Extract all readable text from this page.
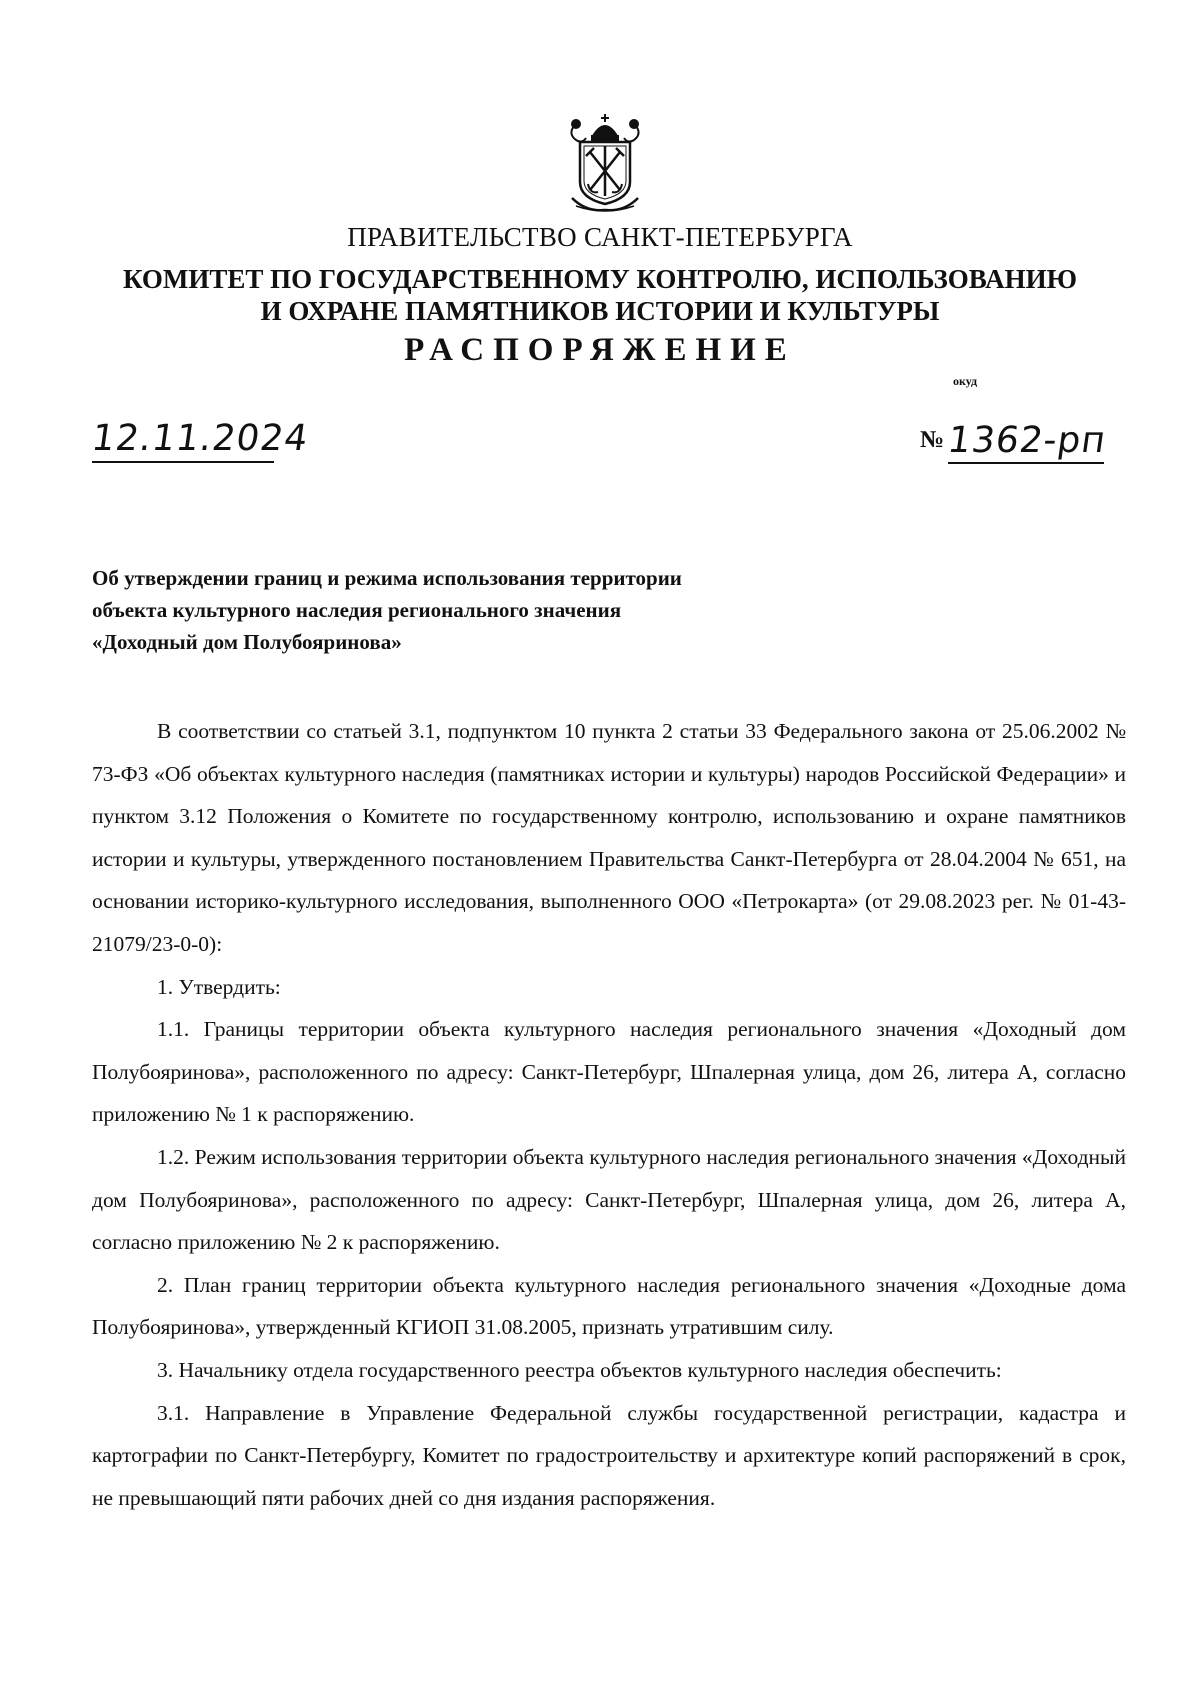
ПРАВИТЕЛЬСТВО САНКТ-ПЕТЕРБУРГА
КОМИТЕТ ПО ГОСУДАРСТВЕННОМУ КОНТРОЛЮ, ИСПОЛЬЗОВАНИЮ
И ОХРАНЕ ПАМЯТНИКОВ ИСТОРИИ И КУЛЬТУРЫ
РАСПОРЯЖЕНИЕ
окуд
12.11.2024	№ 1362-рп
Об утверждении границ и режима использования территории
объекта культурного наследия регионального значения
«Доходный дом Полубояринова»

В соответствии со статьей 3.1, подпунктом 10 пункта 2 статьи 33 Федерального закона от 25.06.2002 № 73-ФЗ «Об объектах культурного наследия (памятниках истории и культуры) народов Российской Федерации» и пунктом 3.12 Положения о Комитете по государственному контролю, использованию и охране памятников истории и культуры, утвержденного постановлением Правительства Санкт-Петербурга от 28.04.2004 № 651, на основании историко-культурного исследования, выполненного ООО «Петрокарта» (от 29.08.2023 рег. № 01-43-21079/23-0-0):

1. Утвердить:

1.1. Границы территории объекта культурного наследия регионального значения «Доходный дом Полубояринова», расположенного по адресу: Санкт-Петербург, Шпалерная улица, дом 26, литера А, согласно приложению № 1 к распоряжению.

1.2. Режим использования территории объекта культурного наследия регионального значения «Доходный дом Полубояринова», расположенного по адресу: Санкт-Петербург, Шпалерная улица, дом 26, литера А, согласно приложению № 2 к распоряжению.

2. План границ территории объекта культурного наследия регионального значения «Доходные дома Полубояринова», утвержденный КГИОП 31.08.2005, признать утратившим силу.

3. Начальнику отдела государственного реестра объектов культурного наследия обеспечить:

3.1. Направление в Управление Федеральной службы государственной регистрации, кадастра и картографии по Санкт-Петербургу, Комитет по градостроительству и архитектуре копий распоряжений в срок, не превышающий пяти рабочих дней со дня издания распоряжения.
